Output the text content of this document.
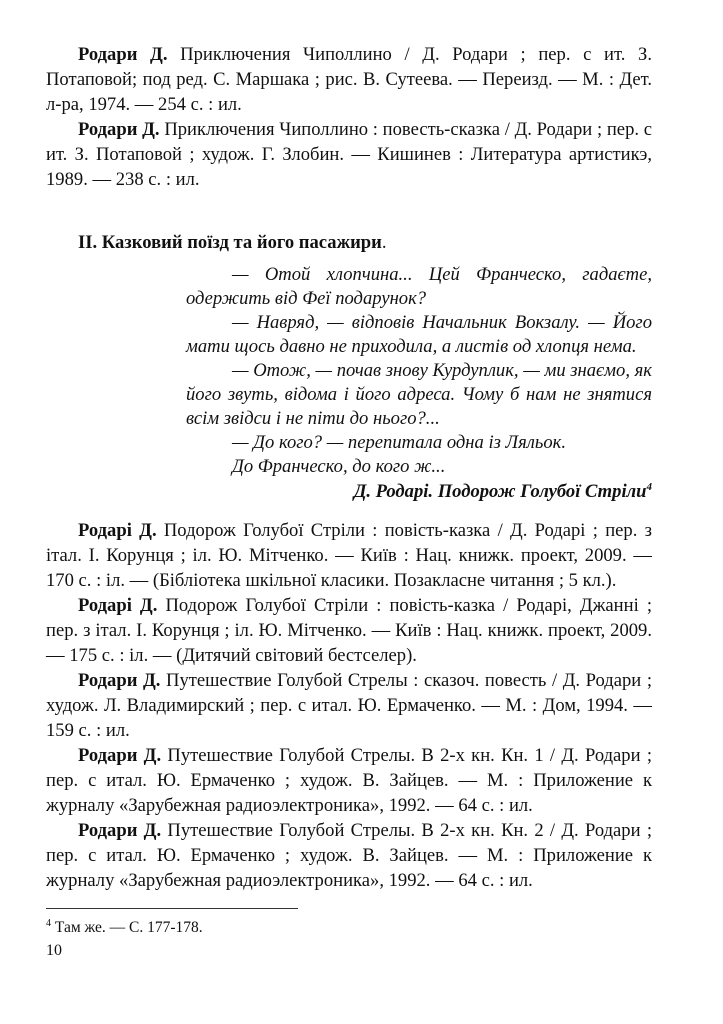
Родари Д. Приключения Чиполлино / Д. Родари ; пер. с ит. З. Потаповой; под ред. С. Маршака ; рис. В. Сутеева. — Переизд. — М. : Дет. л-ра, 1974. — 254 с. : ил.

Родари Д. Приключения Чиполлино : повесть-сказка / Д. Родари ; пер. с ит. З. Потаповой ; худож. Г. Злобин. — Кишинев : Литература артистикэ, 1989. — 238 с. : ил.

ІІ. Казковий поїзд та його пасажири.

— Отой хлопчина... Цей Франческо, гадаєте, одержить від Феї подарунок?

— Навряд, — відповів Начальник Вокзалу. — Його мати щось давно не приходила, а листів од хлопця нема.

— Отож, — почав знову Курдуплик, — ми знаємо, як його звуть, відома і його адреса. Чому б нам не знятися всім звідси і не піти до нього?...

— До кого? — перепитала одна із Ляльок.

До Франческо, до кого ж...

Д. Родарі. Подорож Голубої Стріли$^4$

Родарі Д. Подорож Голубої Стріли : повість-казка / Д. Родарі ; пер. з італ. І. Корунця ; іл. Ю. Мітченко. — Київ : Нац. книжк. проект, 2009. — 170 с. : іл. — (Бібліотека шкільної класики. Позакласне читання ; 5 кл.).

Родарі Д. Подорож Голубої Стріли : повість-казка / Родарі, Джанні ; пер. з італ. І. Корунця ; іл. Ю. Мітченко. — Київ : Нац. книжк. проект, 2009. — 175 с. : іл. — (Дитячий світовий бестселер).

Родари Д. Путешествие Голубой Стрелы : сказоч. повесть / Д. Родари ; худож. Л. Владимирский ; пер. с итал. Ю. Ермаченко. — М. : Дом, 1994. —159 с. : ил.

Родари Д. Путешествие Голубой Стрелы. В 2-х кн. Кн. 1 / Д. Родари ; пер. с итал. Ю. Ермаченко ; худож. В. Зайцев. — М. : Приложение к журналу «Зарубежная радиоэлектроника», 1992. — 64 с. : ил.

Родари Д. Путешествие Голубой Стрелы. В 2-х кн. Кн. 2 / Д. Родари ; пер. с итал. Ю. Ермаченко ; худож. В. Зайцев. — М. : Приложение к журналу «Зарубежная радиоэлектроника», 1992. — 64 с. : ил.

$^4$ Там же. — С. 177-178.
10
